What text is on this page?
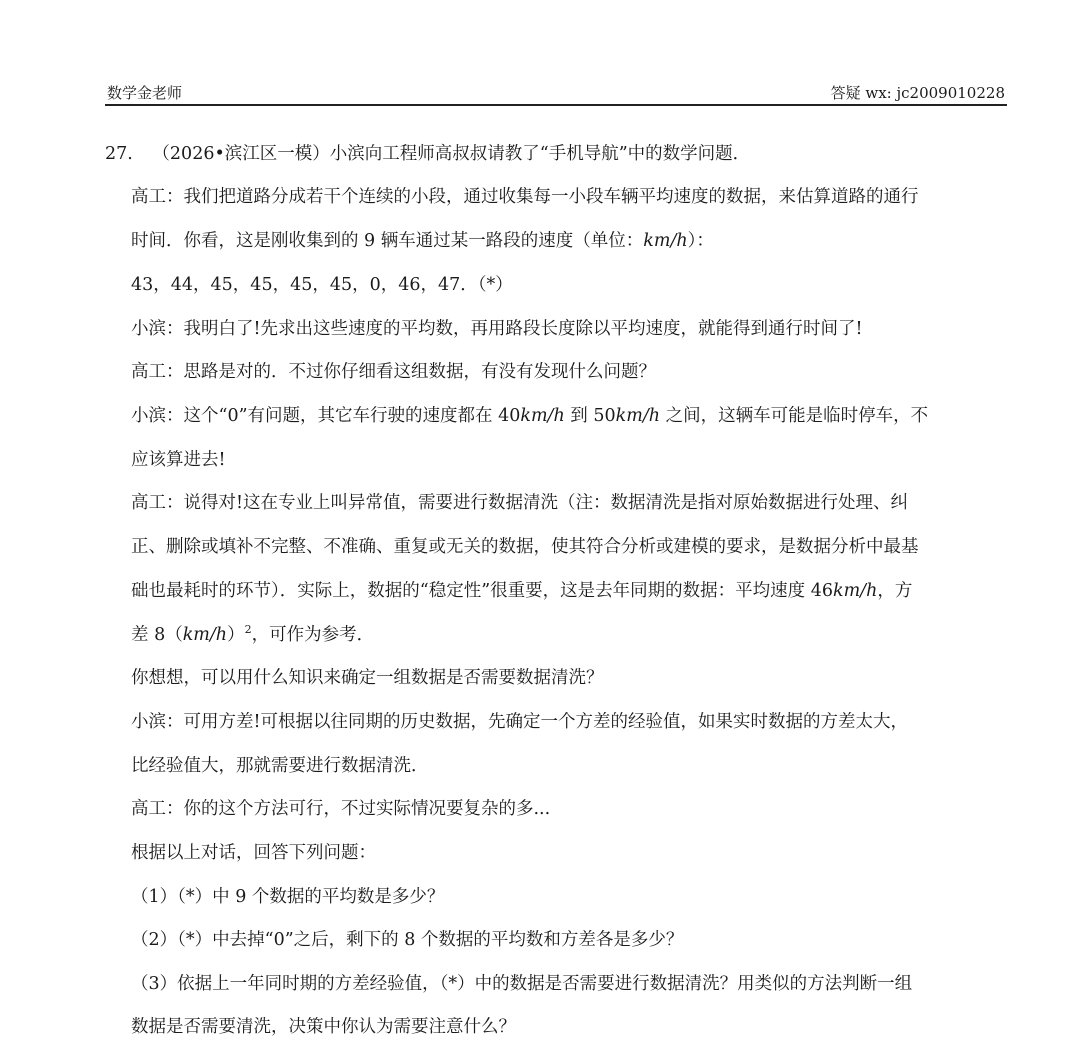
数学金老师	答疑 wx: jc2009010228
27. （2026•滨江区一模）小滨向工程师高叔叔请教了“手机导航”中的数学问题．
高工：我们把道路分成若干个连续的小段，通过收集每一小段车辆平均速度的数据，来估算道路的通行
时间．你看，这是刚收集到的 9 辆车通过某一路段的速度（单位：km/h）：
43，44，45，45，45，45，0，46，47．（*）
小滨：我明白了!先求出这些速度的平均数，再用路段长度除以平均速度，就能得到通行时间了!
高工：思路是对的．不过你仔细看这组数据，有没有发现什么问题？
小滨：这个“0”有问题，其它车行驶的速度都在 40km/h 到 50km/h 之间，这辆车可能是临时停车，不
应该算进去!
高工：说得对!这在专业上叫异常值，需要进行数据清洗（注：数据清洗是指对原始数据进行处理、纠
正、删除或填补不完整、不准确、重复或无关的数据，使其符合分析或建模的要求，是数据分析中最基
础也最耗时的环节）．实际上，数据的“稳定性”很重要，这是去年同期的数据：平均速度 46km/h，方
差 $8(km/h)^2$，可作为参考．
你想想，可以用什么知识来确定一组数据是否需要数据清洗？
小滨：可用方差!可根据以往同期的历史数据，先确定一个方差的经验值，如果实时数据的方差太大，
比经验值大，那就需要进行数据清洗．
高工：你的这个方法可行，不过实际情况要复杂的多...
根据以上对话，回答下列问题：
（1）（*）中 9 个数据的平均数是多少？
（2）（*）中去掉“0”之后，剩下的 8 个数据的平均数和方差各是多少？
（3）依据上一年同时期的方差经验值，（*）中的数据是否需要进行数据清洗？用类似的方法判断一组
数据是否需要清洗，决策中你认为需要注意什么？
